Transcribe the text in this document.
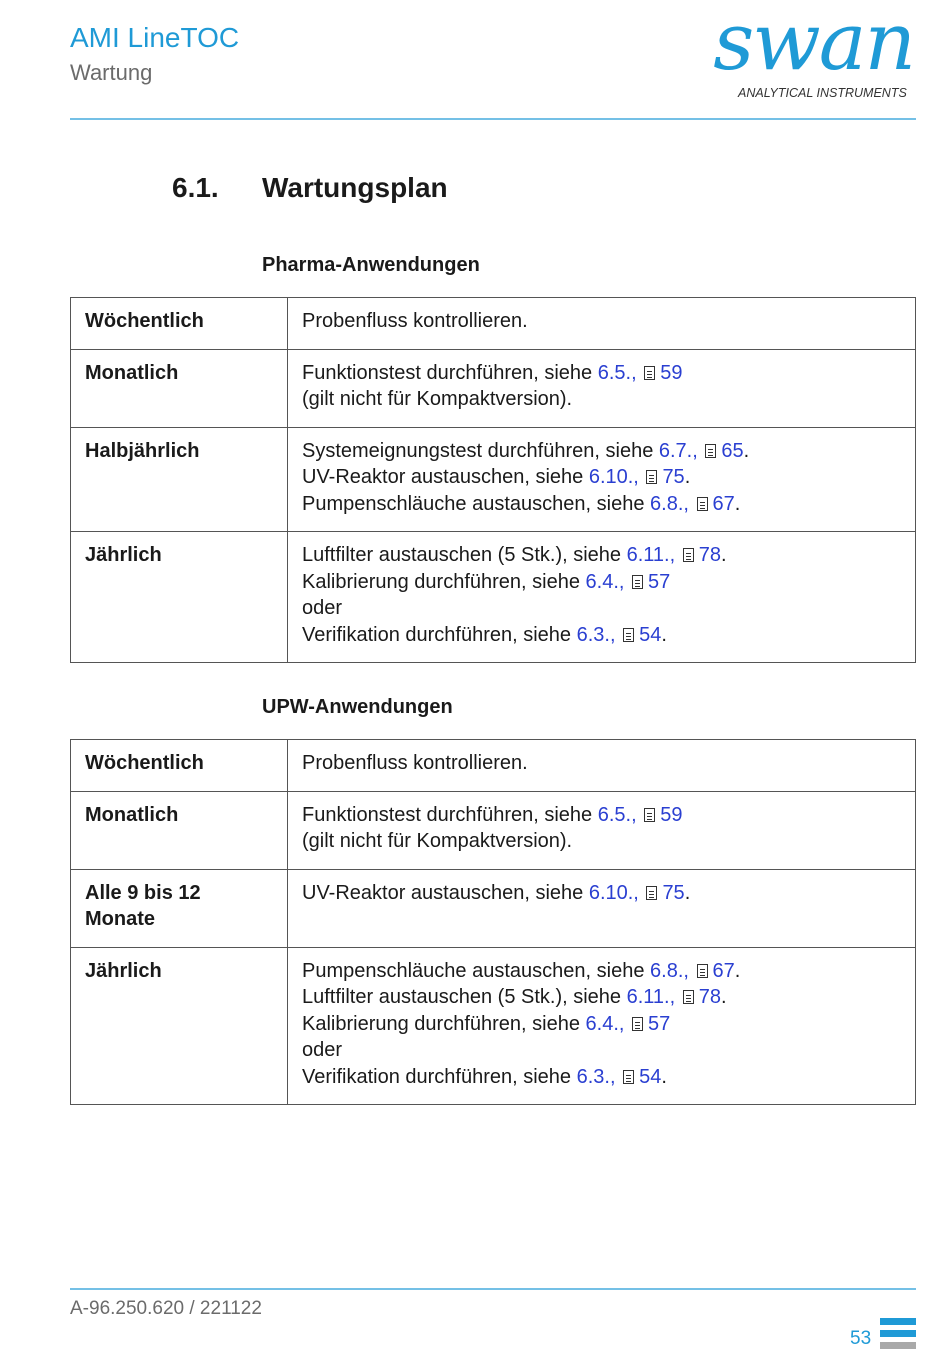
AMI LineTOC
Wartung	swan
ANALYTICAL INSTRUMENTS
6.1. Wartungsplan
Pharma-Anwendungen
Wöchentlich	Probenfluss kontrollieren.

Monatlich	Funktionstest durchführen, siehe 6.5., 59
(gilt nicht für Kompaktversion).

Halbjährlich	Systemeignungstest durchführen, siehe 6.7., 65.
UV-Reaktor austauschen, siehe 6.10., 75.
Pumpenschläuche austauschen, siehe 6.8., 67.

Jährlich	Luftfilter austauschen (5 Stk.), siehe 6.11., 78.
Kalibrierung durchführen, siehe 6.4., 57
oder
Verifikation durchführen, siehe 6.3., 54.
UPW-Anwendungen
Wöchentlich	Probenfluss kontrollieren.

Monatlich	Funktionstest durchführen, siehe 6.5., 59
(gilt nicht für Kompaktversion).

Alle 9 bis 12
Monate	UV-Reaktor austauschen, siehe 6.10., 75.

Jährlich	Pumpenschläuche austauschen, siehe 6.8., 67.
Luftfilter austauschen (5 Stk.), siehe 6.11., 78.
Kalibrierung durchführen, siehe 6.4., 57
oder
Verifikation durchführen, siehe 6.3., 54.
A-96.250.620 / 221122
53
